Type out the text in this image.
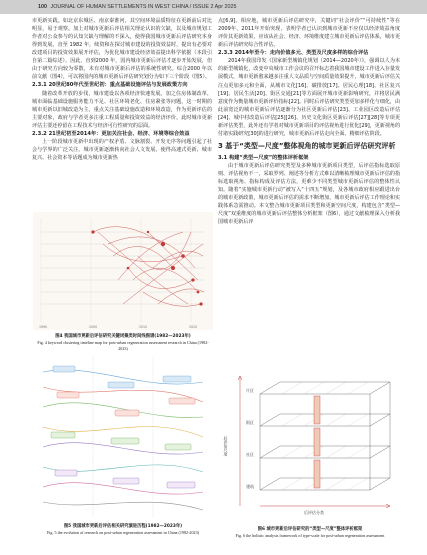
100 JOURNAL OF HUMAN SETTLEMENTS IN WEST CHINA / ISSUE 2 Apr 2025

市更新实践。如北京东城区、南京秦淮河，其空间环境品质特征在更新前后对比明显，易于观察。加上对城市更新后评估相关理论认识的欠缺，以及城市规划工作者对公众参与的认知欠缺与理解的不深入，使得我国城市更新后评估研究本身得到发展。直至 1982 年，续资和在探讨城市建设的投资效益时，提出有必要对改建项目的投资效果展开评估，为优化城市建设经济效益提出科学依据（本段引自第二篇综述）。因此，直到2000 年，国内城市更新后评估才逐步开始发展，但由于研究方向较为零散，未有对城市更新后评估的系统性研究。综合2000 年以前文献（图4），可以将国内的城市更新后评估研究划分为如下三个阶段（图5）。

2.3.1 20世纪80年代至世纪初：重点基础设施评估与发展政策方向

随着改革开放的步伐，城市建设以各项经济快速发展。加之住房体制改革，城市面临基础设施服务能力不足、社区环境老化、住房紧张等问题，这一时期的城市更新以旧城改造为主，重点关注基础设施改造和环境改造，作为更新评估的主要对象，政府与学者更多注重工程质量和投资效益的经济评价，此时城市更新评估主要还停留在工程技术与经济可行性研究的层面。

2.3.2 21世纪初至2014年：更加关注社会、经济、环境等综合效益

上一阶段城市更新中出现的产权矛盾、文脉割裂、开发无序等问题引起了社会与学界的广泛关注，城市更新逐渐转向社会人文发展、使得高速式更新、城市复兴、社会资本等话题成为城市更新热

1990	2000	2010	2020
图4 我国城市更新后评估研究关键词聚类时间线图谱(1982—2023年)
Fig. 4 keyword clustering timeline map for post-urban regeneration assessment research in China (1982-2023)
图5 我国城市更新后评估相关研究演进历程(1982—2023年)
Fig. 5 the evolution of research on post-urban regeneration assessment in China (1982-2023)

点[6,9]。相应地，城市更新后评估研究中，关键词“社会评价”“可持续性”等在2009年、2011年开始突现，表明学者已认识到城市更新不应仅以经济效益角度评价其更新效果，应该从社会、经济、环境维度建立城市更新后评估体系，城市更新后评估研究综合性评估。

2.3.3 2014年至今：走向价值多元、类型及尺度多样的综合评估

2014年我国印发《国家新型城镇化规划（2014—2020年）》，强调以人为本的新型城镇化，改变中央城市工作会议的召开标志着我国城市建设工作进入存量发展模式，城市更新愈来越多注重人文品质与空间质量效果提升，城市更新后评估关注点更加多元和全面，从城市文化[16]、碳排放[17]、居民心理[18]、社区复兴[19]、居民生活[20]、街区交通[21]等方面展开城市更新影响研究，并将居民满意度作为衡量城市更新评价指标[22]。同时后评估研究类型更加多样化与细化，由此前宽泛的城市更新后评估逐渐分为社区更新后评估[23]、工业园区改造后评估[24]、城中村改造后评估[25][26]、历史文化街区更新后评估[27][28]等专项更新评估类型，此外还有学者对城市更新项目的评估视角进行优化[29]，更新视角的付诸实践研究[30]的进行研究，城市更新后评估走向全面、精细评估阶段。

3 基于“类型—尺度”整体视角的城市更新后评估研究评析

3.1 构建“类型—尺度”的整体评析框架

由于城市更新后评估研究类型及多种城市更新项目类型，后评估指标选取原则、评估视角不一，采取罗列、阐述等分析方式难以清晰梳理城市更新后评估的指标选取视角、指标构成及评估方法，更难少不同类型城市更新后评估的整体性认知。随着“实施城市更新行动”被写入“十四五”规划，及各城市政府相应跟进出台的城市更新政策，城市更新后评估的需求不断增加，城市更新后评估工作理论和实践体系急需推动。本文整合城市更新项目类型和更新空间尺度，构建包含“类型—尺度”双重维度的城市更新后评估整体分析框架（图6），通过文献梳理深入分析我国城市更新后评

后评估尺度
后评估分类
片区
街区
社区
建筑
图6 城市更新后评估研究的“类型—尺度”整体评析框架
Fig. 6 the holistic analysis framework of type-scale for post-urban regeneration assessment
